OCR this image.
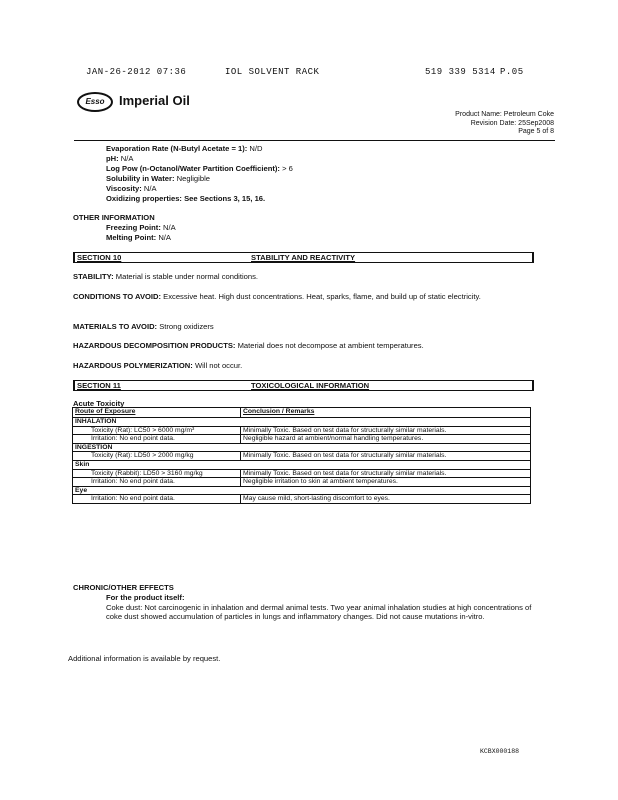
JAN-26-2012 07:36	IOL SOLVENT RACK	519 339 5314 P.05
Esso	Imperial Oil
Product Name: Petroleum Coke
Revision Date: 25Sep2008
Page 5 of 8
Evaporation Rate (N-Butyl Acetate = 1): N/D
pH: N/A
Log Pow (n-Octanol/Water Partition Coefficient): > 6
Solubility in Water: Negligible
Viscosity: N/A
Oxidizing properties: See Sections 3, 15, 16.
OTHER INFORMATION
Freezing Point: N/A
Melting Point: N/A
SECTION 10	STABILITY AND REACTIVITY
STABILITY: Material is stable under normal conditions.
CONDITIONS TO AVOID: Excessive heat. High dust concentrations. Heat, sparks, flame, and build up of static electricity.
MATERIALS TO AVOID: Strong oxidizers
HAZARDOUS DECOMPOSITION PRODUCTS: Material does not decompose at ambient temperatures.
HAZARDOUS POLYMERIZATION: Will not occur.
SECTION 11	TOXICOLOGICAL INFORMATION
Acute Toxicity
Route of Exposure	Conclusion / Remarks
INHALATION	

Toxicity (Rat): LC50 > 6000 mg/m³	Minimally Toxic. Based on test data for structurally similar materials.

Irritation: No end point data.	Negligible hazard at ambient/normal handling temperatures.
INGESTION	

Toxicity (Rat): LD50 > 2000 mg/kg	Minimally Toxic. Based on test data for structurally similar materials.
Skin	

Toxicity (Rabbit): LD50 > 3160 mg/kg	Minimally Toxic. Based on test data for structurally similar materials.

Irritation: No end point data.	Negligible irritation to skin at ambient temperatures.
Eye	

Irritation: No end point data.	May cause mild, short-lasting discomfort to eyes.
CHRONIC/OTHER EFFECTS
For the product itself:
Coke dust: Not carcinogenic in inhalation and dermal animal tests. Two year animal inhalation studies at high concentrations of coke dust showed accumulation of particles in lungs and inflammatory changes. Did not cause mutations in-vitro.
Additional information is available by request.
KCBX000188
